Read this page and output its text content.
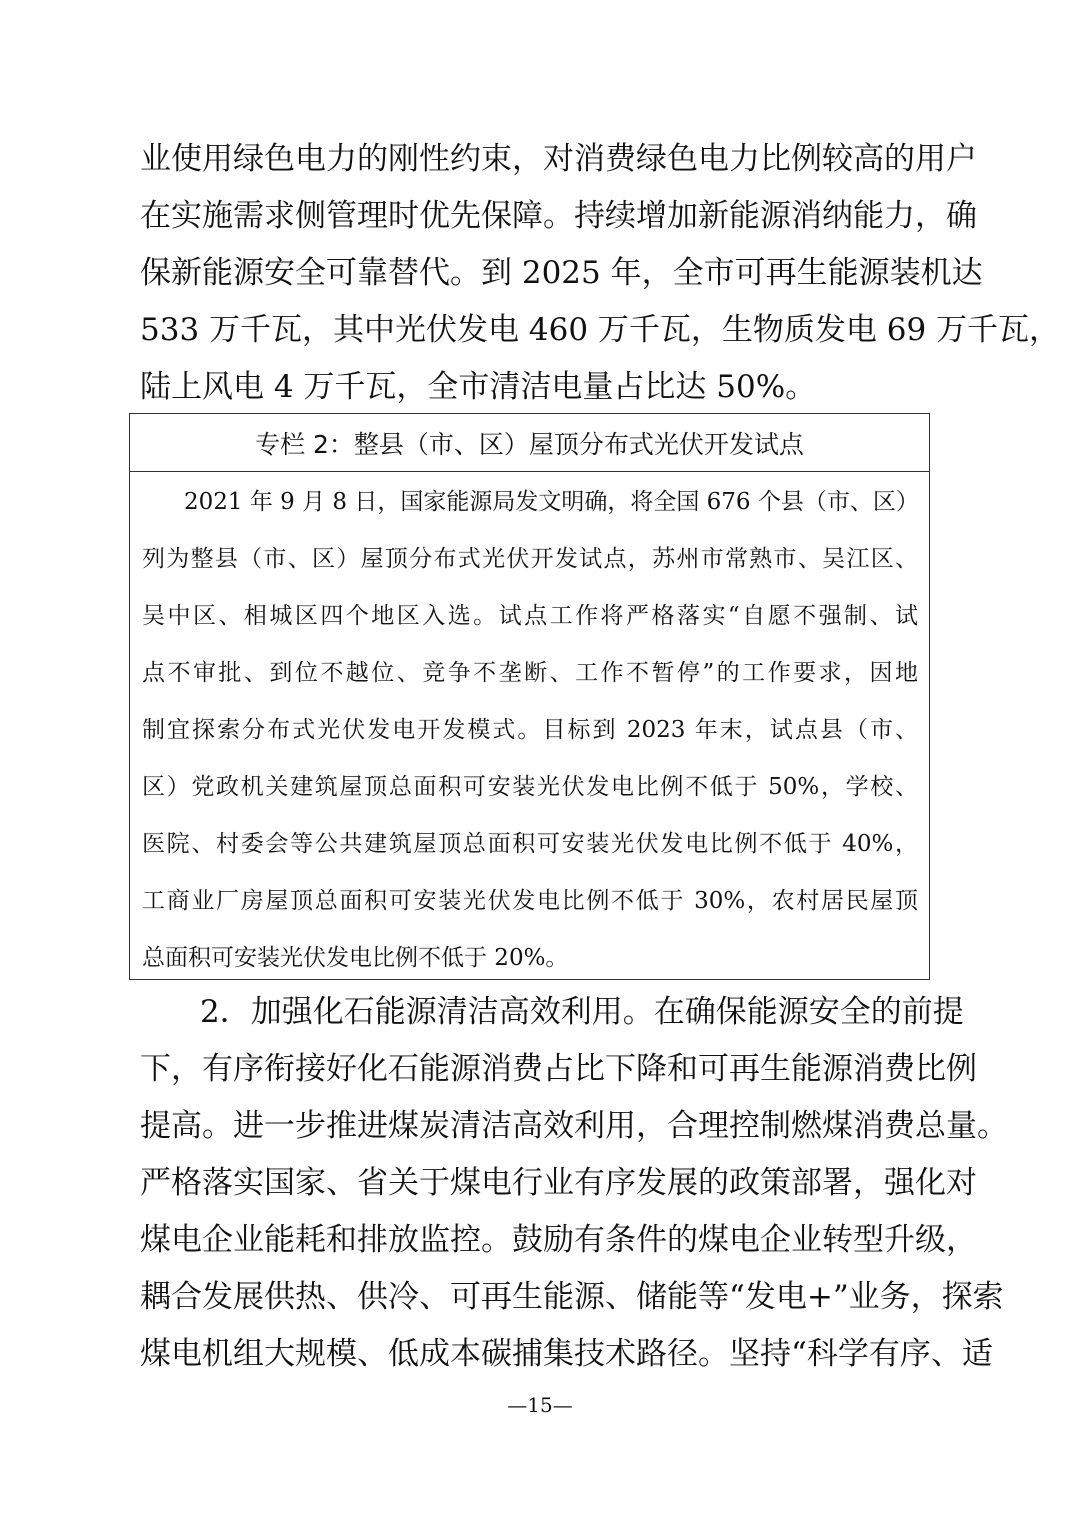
业使用绿色电力的刚性约束，对消费绿色电力比例较高的用户
在实施需求侧管理时优先保障。持续增加新能源消纳能力，确
保新能源安全可靠替代。到 2025 年，全市可再生能源装机达
533 万千瓦，其中光伏发电 460 万千瓦，生物质发电 69 万千瓦，
陆上风电 4 万千瓦，全市清洁电量占比达 50%。
专栏 2：整县（市、区）屋顶分布式光伏开发试点
2021 年 9 月 8 日，国家能源局发文明确，将全国 676 个县（市、区）
列为整县（市、区）屋顶分布式光伏开发试点，苏州市常熟市、吴江区、
吴中区、相城区四个地区入选。试点工作将严格落实“自愿不强制、试
点不审批、到位不越位、竞争不垄断、工作不暂停”的工作要求，因地
制宜探索分布式光伏发电开发模式。目标到 2023 年末，试点县（市、
区）党政机关建筑屋顶总面积可安装光伏发电比例不低于 50%，学校、
医院、村委会等公共建筑屋顶总面积可安装光伏发电比例不低于 40%，
工商业厂房屋顶总面积可安装光伏发电比例不低于 30%，农村居民屋顶
总面积可安装光伏发电比例不低于 20%。
2．加强化石能源清洁高效利用。在确保能源安全的前提
下，有序衔接好化石能源消费占比下降和可再生能源消费比例
提高。进一步推进煤炭清洁高效利用，合理控制燃煤消费总量。
严格落实国家、省关于煤电行业有序发展的政策部署，强化对
煤电企业能耗和排放监控。鼓励有条件的煤电企业转型升级，
耦合发展供热、供冷、可再生能源、储能等“发电+”业务，探索
煤电机组大规模、低成本碳捕集技术路径。坚持“科学有序、适
—15—
